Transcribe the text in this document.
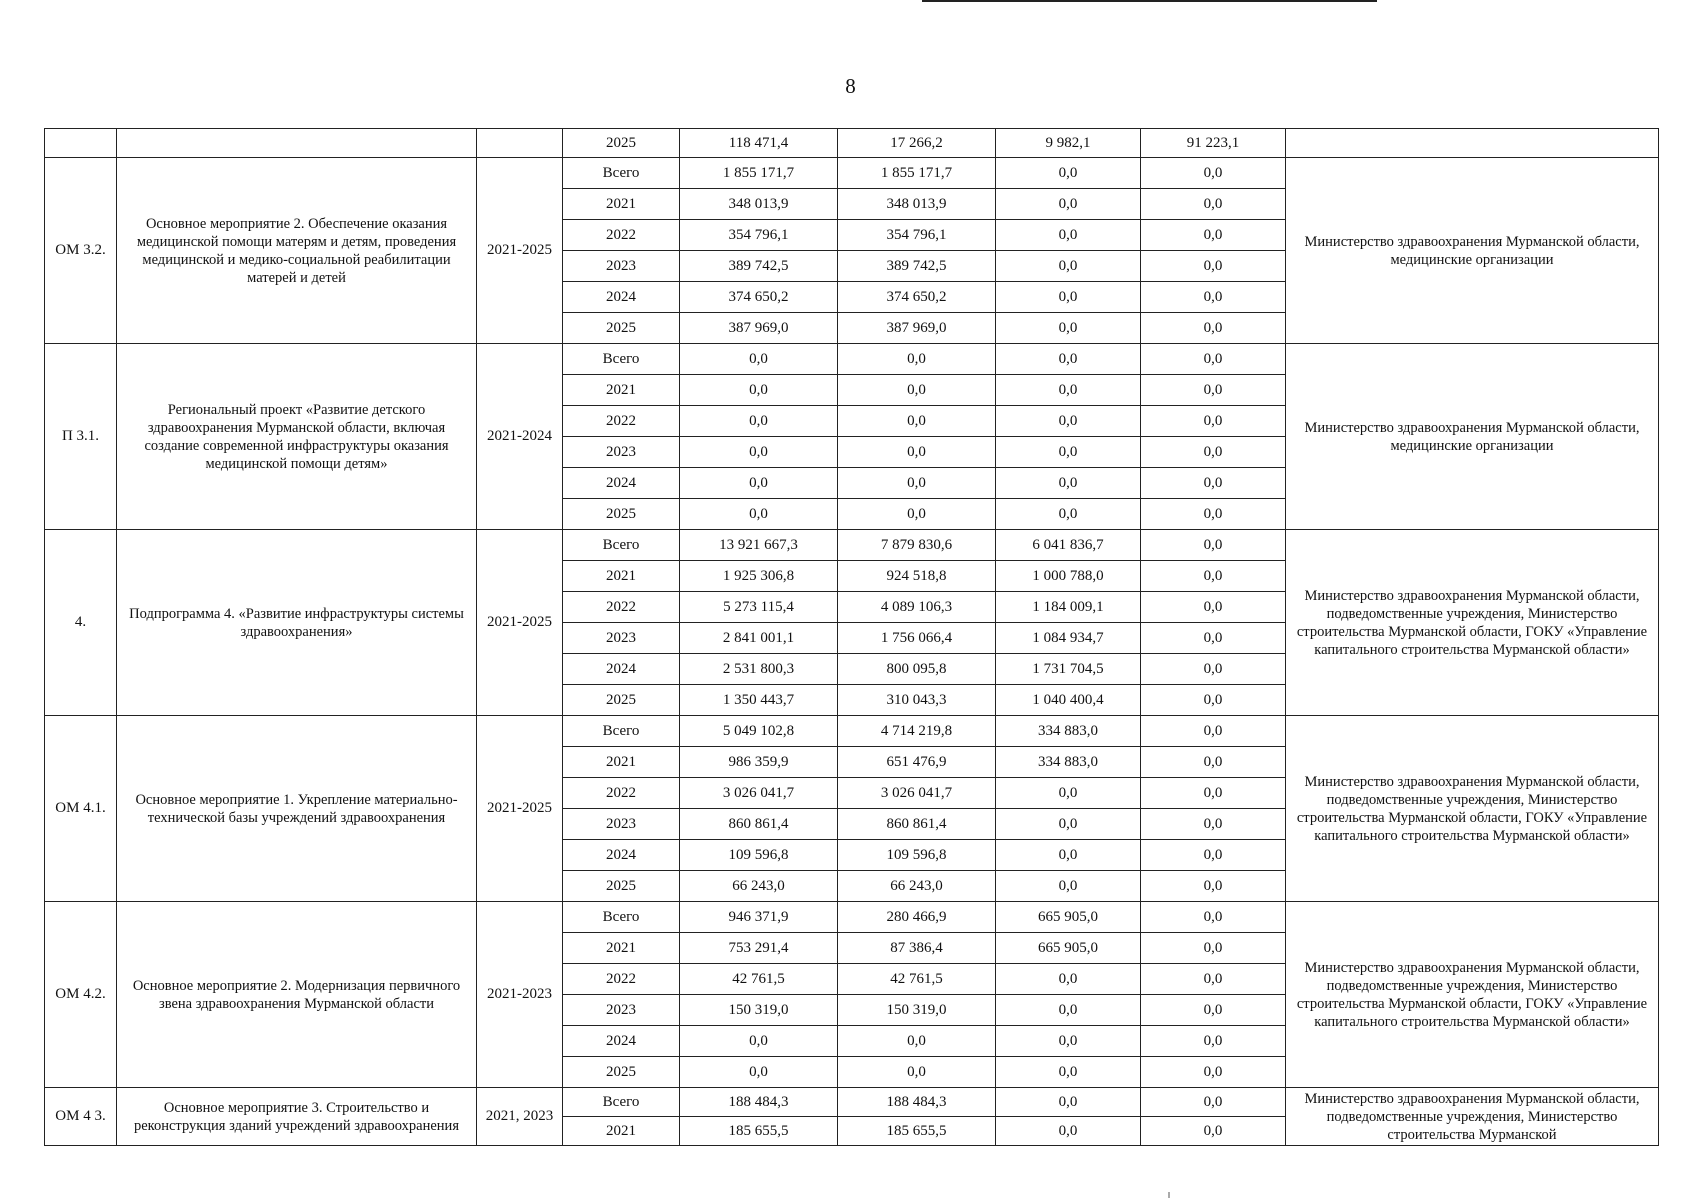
8
			2025	118 471,4	17 266,2	9 982,1	91 223,1	
ОМ 3.2.	Основное мероприятие 2. Обеспечение оказания медицинской помощи матерям и детям, проведения медицинской и медико-социальной реабилитации матерей и детей	2021-2025	Всего	1 855 171,7	1 855 171,7	0,0	0,0	Министерство здравоохранения Мурманской области, медицинские организации
			2021	348 013,9	348 013,9	0,0	0,0	
			2022	354 796,1	354 796,1	0,0	0,0	
			2023	389 742,5	389 742,5	0,0	0,0	
			2024	374 650,2	374 650,2	0,0	0,0	
			2025	387 969,0	387 969,0	0,0	0,0	
П 3.1.	Региональный проект «Развитие детского здравоохранения Мурманской области, включая создание современной инфраструктуры оказания медицинской помощи детям»	2021-2024	Всего	0,0	0,0	0,0	0,0	Министерство здравоохранения Мурманской области, медицинские организации
			2021	0,0	0,0	0,0	0,0	
			2022	0,0	0,0	0,0	0,0	
			2023	0,0	0,0	0,0	0,0	
			2024	0,0	0,0	0,0	0,0	
			2025	0,0	0,0	0,0	0,0	
4.	Подпрограмма 4. «Развитие инфраструктуры системы здравоохранения»	2021-2025	Всего	13 921 667,3	7 879 830,6	6 041 836,7	0,0	Министерство здравоохранения Мурманской области, подведомственные учреждения, Министерство строительства Мурманской области, ГОКУ «Управление капитального строительства Мурманской области»
			2021	1 925 306,8	924 518,8	1 000 788,0	0,0	
			2022	5 273 115,4	4 089 106,3	1 184 009,1	0,0	
			2023	2 841 001,1	1 756 066,4	1 084 934,7	0,0	
			2024	2 531 800,3	800 095,8	1 731 704,5	0,0	
			2025	1 350 443,7	310 043,3	1 040 400,4	0,0	
ОМ 4.1.	Основное мероприятие 1. Укрепление материально-технической базы учреждений здравоохранения	2021-2025	Всего	5 049 102,8	4 714 219,8	334 883,0	0,0	Министерство здравоохранения Мурманской области, подведомственные учреждения, Министерство строительства Мурманской области, ГОКУ «Управление капитального строительства Мурманской области»
			2021	986 359,9	651 476,9	334 883,0	0,0	
			2022	3 026 041,7	3 026 041,7	0,0	0,0	
			2023	860 861,4	860 861,4	0,0	0,0	
			2024	109 596,8	109 596,8	0,0	0,0	
			2025	66 243,0	66 243,0	0,0	0,0	
ОМ 4.2.	Основное мероприятие 2. Модернизация первичного звена здравоохранения Мурманской области	2021-2023	Всего	946 371,9	280 466,9	665 905,0	0,0	Министерство здравоохранения Мурманской области, подведомственные учреждения, Министерство строительства Мурманской области, ГОКУ «Управление капитального строительства Мурманской области»
			2021	753 291,4	87 386,4	665 905,0	0,0	
			2022	42 761,5	42 761,5	0,0	0,0	
			2023	150 319,0	150 319,0	0,0	0,0	
			2024	0,0	0,0	0,0	0,0	
			2025	0,0	0,0	0,0	0,0	
ОМ 4 3.	Основное мероприятие 3. Строительство и реконструкция зданий учреждений здравоохранения	2021, 2023	Всего	188 484,3	188 484,3	0,0	0,0	Министерство здравоохранения Мурманской области, подведомственные учреждения, Министерство строительства Мурманской
			2021	185 655,5	185 655,5	0,0	0,0	
